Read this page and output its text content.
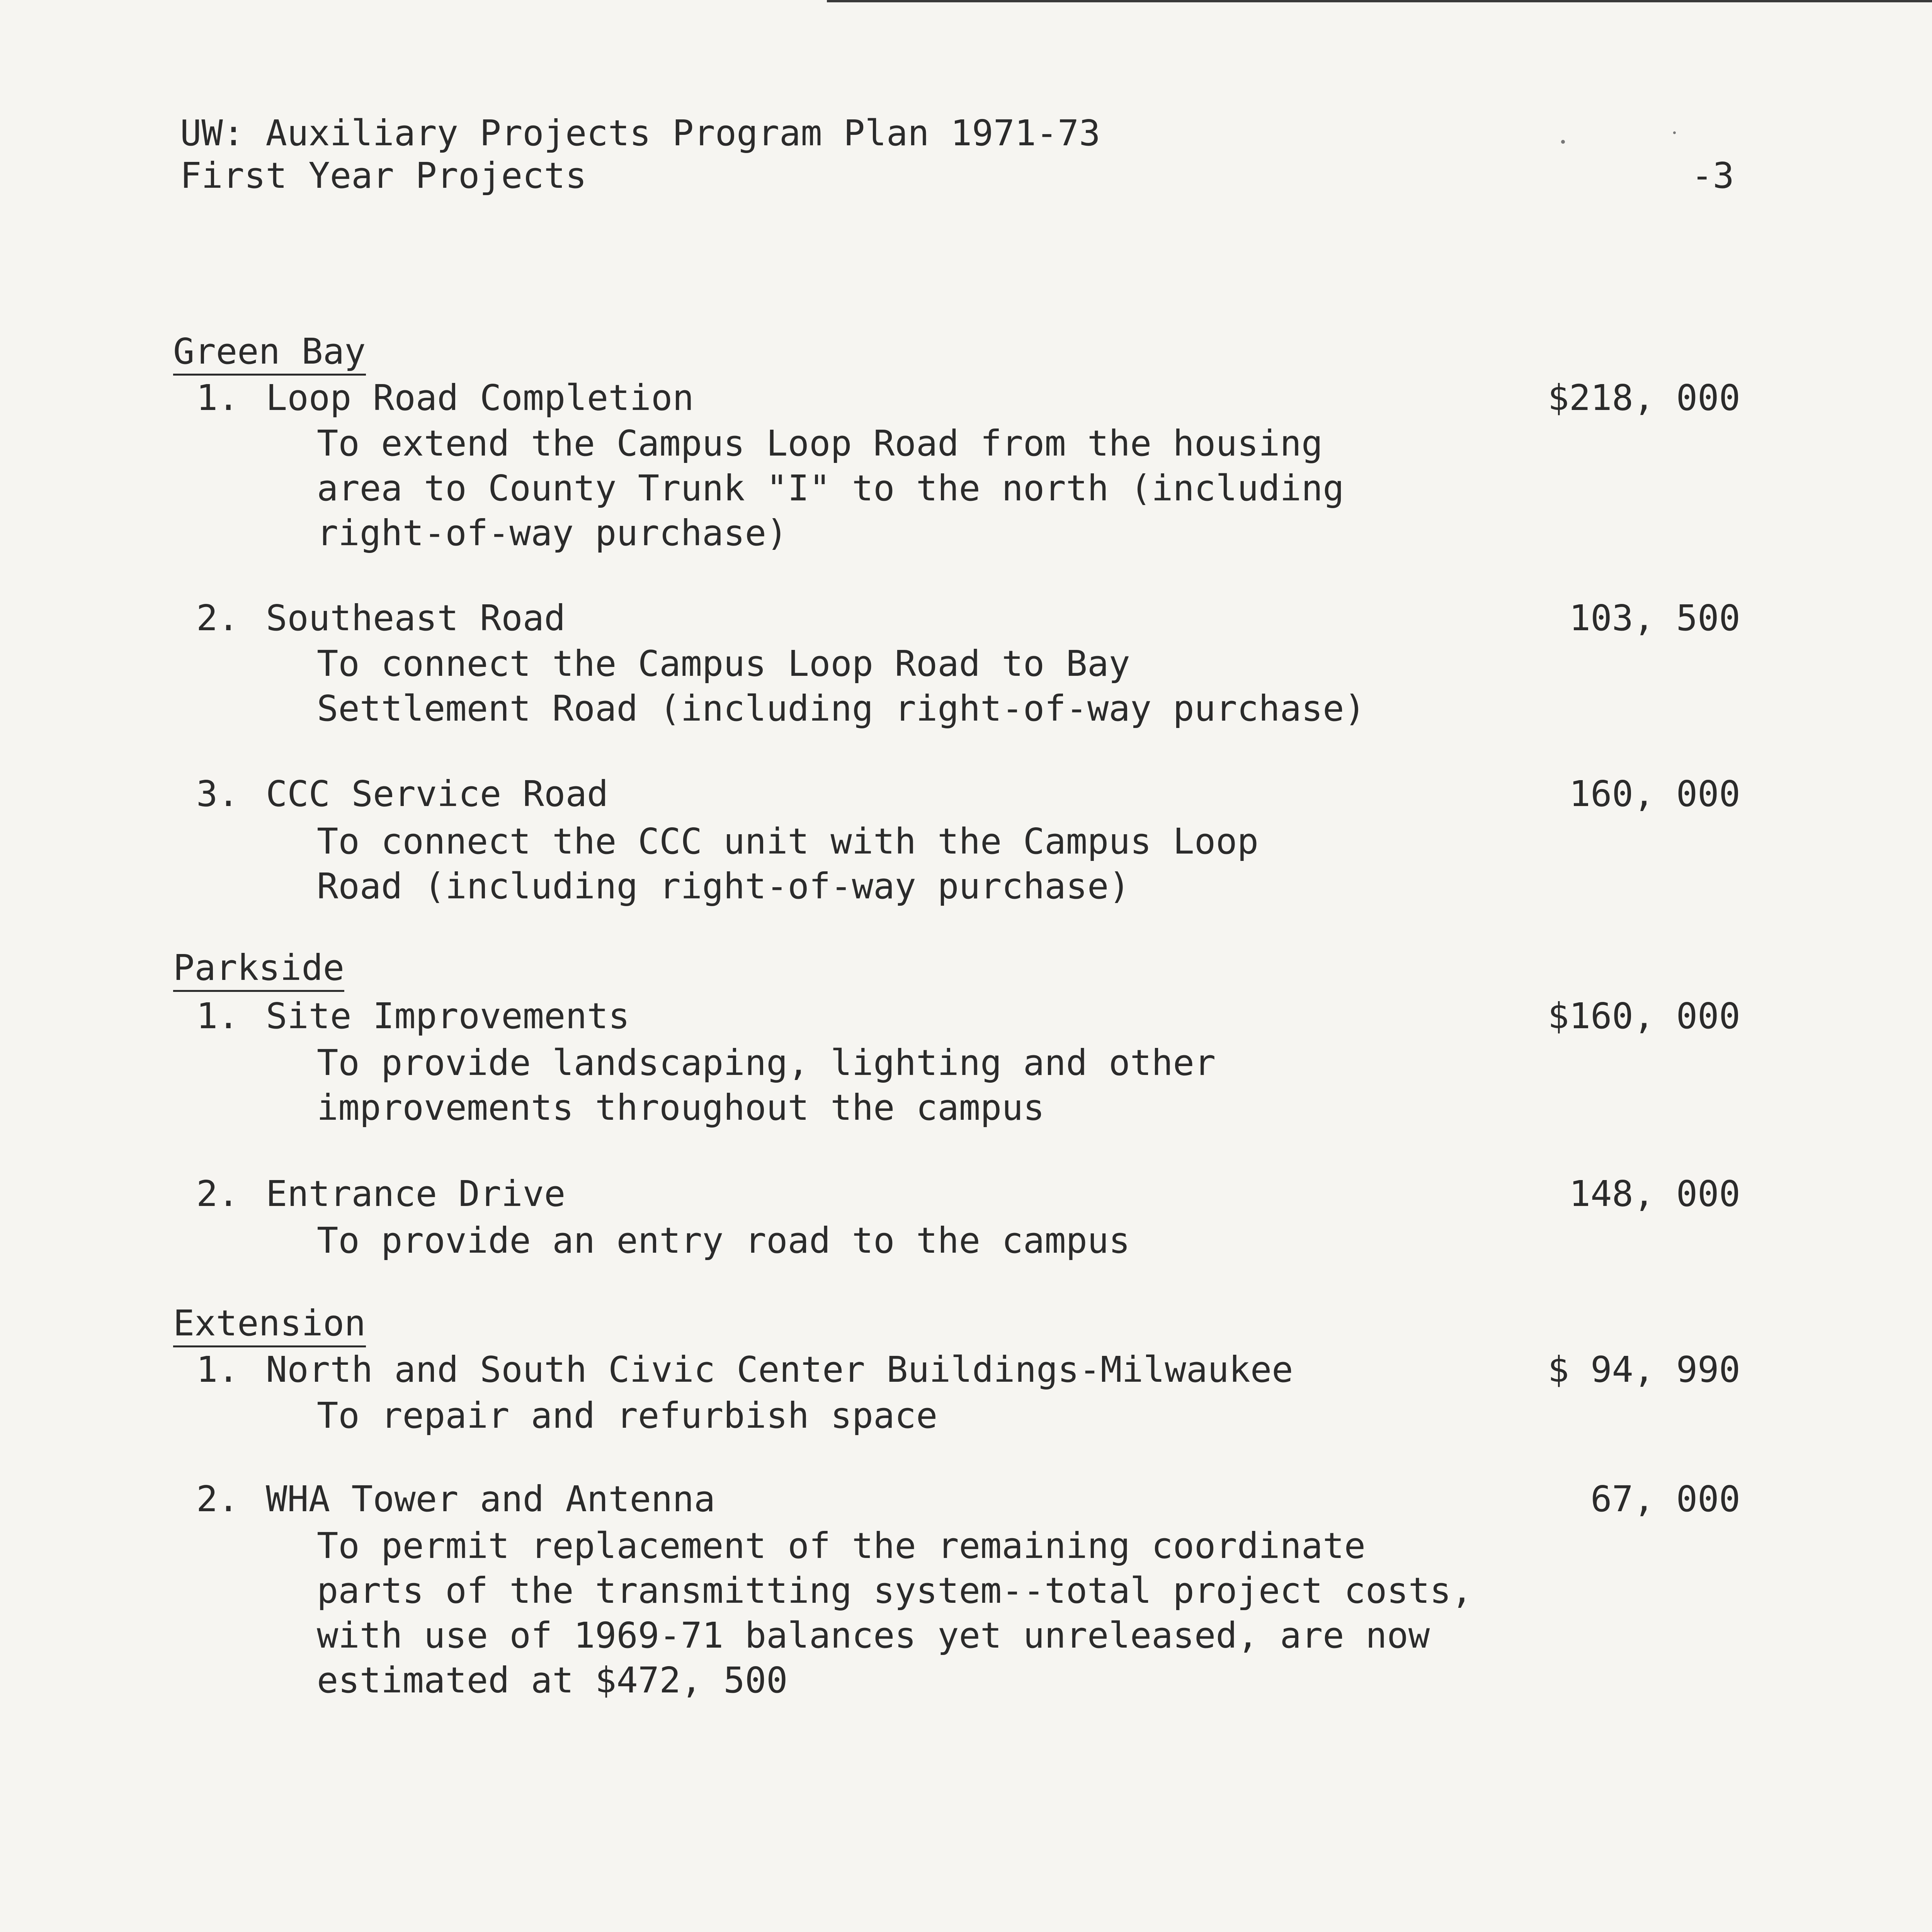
UW: Auxiliary Projects Program Plan 1971-73
First Year Projects	-3
Green Bay
1. Loop Road Completion	$218, 000
To extend the Campus Loop Road from the housing
area to County Trunk "I" to the north (including
right-of-way purchase)
2. Southeast Road	103, 500
To connect the Campus Loop Road to Bay
Settlement Road (including right-of-way purchase)
3. CCC Service Road	160, 000
To connect the CCC unit with the Campus Loop
Road (including right-of-way purchase)
Parkside
1. Site Improvements	$160, 000
To provide landscaping, lighting and other
improvements throughout the campus
2. Entrance Drive	148, 000
To provide an entry road to the campus
Extension
1. North and South Civic Center Buildings-Milwaukee	$ 94, 990
To repair and refurbish space
2. WHA Tower and Antenna	67, 000
To permit replacement of the remaining coordinate
parts of the transmitting system--total project costs,
with use of 1969-71 balances yet unreleased, are now
estimated at $472, 500
